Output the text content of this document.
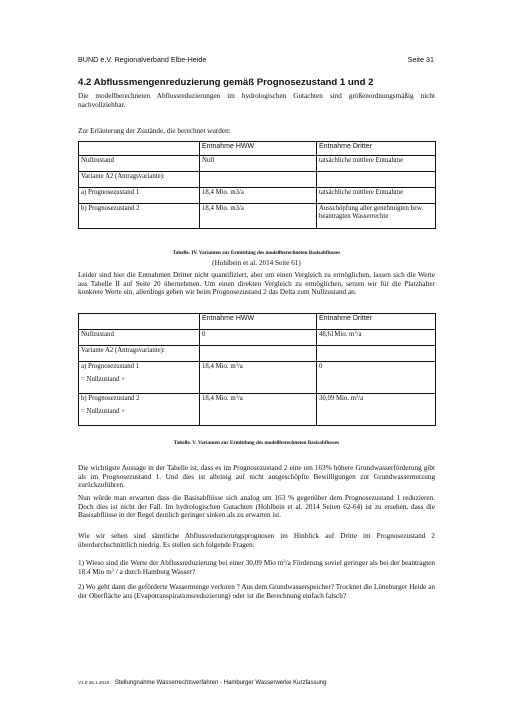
BUND e.V. Regionalverband Elbe-Heide	Seite 31
4.2 Abflussmengenreduzierung gemäß Prognosezustand 1 und 2

Die modellberechneten Abflussreduzierungen im hydrologischen Gutachten sind größenordnungsmäßig nicht nachvollziehbar.

Zur Erläuterung der Zustände, die berechnet wurden:

	Entnahme HWW	Entnahme Dritter
Nullzustand	Null	tatsächliche mittlere Entnahme
Variante A2 (Antragsvariante):		
a) Prognosezustand 1	18,4 Mio. m3/a	tatsächliche mittlere Entnahme
b) Prognosezustand 2	18,4 Mio. m3/a	Ausschöpfung aller genehmigten bzw. beantragten Wasserrechte
Tabelle. IV. Varianten zur Ermittlung des modellberechneten Basisabflusses
(Hohlbein et al. 2014 Seite 61)

Leider sind hier die Entnahmen Dritter nicht quantifiziert, aber um einen Vergleich zu ermöglichen, lassen sich die Werte aus Tabelle II auf Seite 20 übernehmen. Um einen direkten Vergleich zu ermöglichen, setzen wir für die Platzhalter konkrete Werte ein, allerdings geben wir beim Prognosezustand 2 das Delta zum Nullzustand an.

	Entnahme HWW	Entnahme Dritter
Nullzustand	0	48,61Mio. $m^3/a$
Variante A2 (Antragsvariante):		

a) Prognosezustand 1
= Nullzustand +	18,4 Mio. $m^3/a$	0

b) Prognosezustand 2
= Nullzustand +	18,4 Mio. $m^3/a$	30,09 Mio. $m^3/a$
Tabelle. V. Varianten zur Ermittlung des modellberechneten Basisabflusses

Die wichtigste Aussage in der Tabelle ist, dass es im Prognosezustand 2 eine um 163% höhere Grundwasserförderung gibt als im Prognosezustand 1. Und dies ist alleinig auf nicht ausgeschöpfte Bewilligungen zur Grundwassernutzung zurückzuführen.

Nun würde man erwarten dass die Basisabflüsse sich analog um 163 % gegenüber dem Prognosezustand 1 reduzieren. Doch dies ist nicht der Fall. Im hydrologischen Gutachten (Hohlbein et al. 2014 Seiten 62-64) ist zu ersehen, dass die Basisabflüsse in der Regel deutlich geringer sinken als zu erwarten ist.

Wie wir sehen sind sämtliche Abflussreduzierungsprognosen im Hinblick auf Dritte im Prognosezustand 2 überdurchschnittlich niedrig. Es stellen sich folgende Fragen:

1) Wieso sind die Werte der Abflussreduzierung bei einer 30,09 Mio $m^3/a$ Förderung soviel geringer als bei der beantragten 18,4 Mio $m^3$ / a durch Hamburg Wasser?

2) Wo geht dann die geförderte Wassermenge verloren ? Aus dem Grundwasserspeicher? Trocknet die Lüneburger Heide an der Oberfläche aus (Evapotranspirationsreduzierung) oder ist die Berechnung einfach falsch?

V1.0 26.1.2016 Stellungnahme Wasserrechtsverfahren - Hamburger Wasserwerke Kurzfassung
